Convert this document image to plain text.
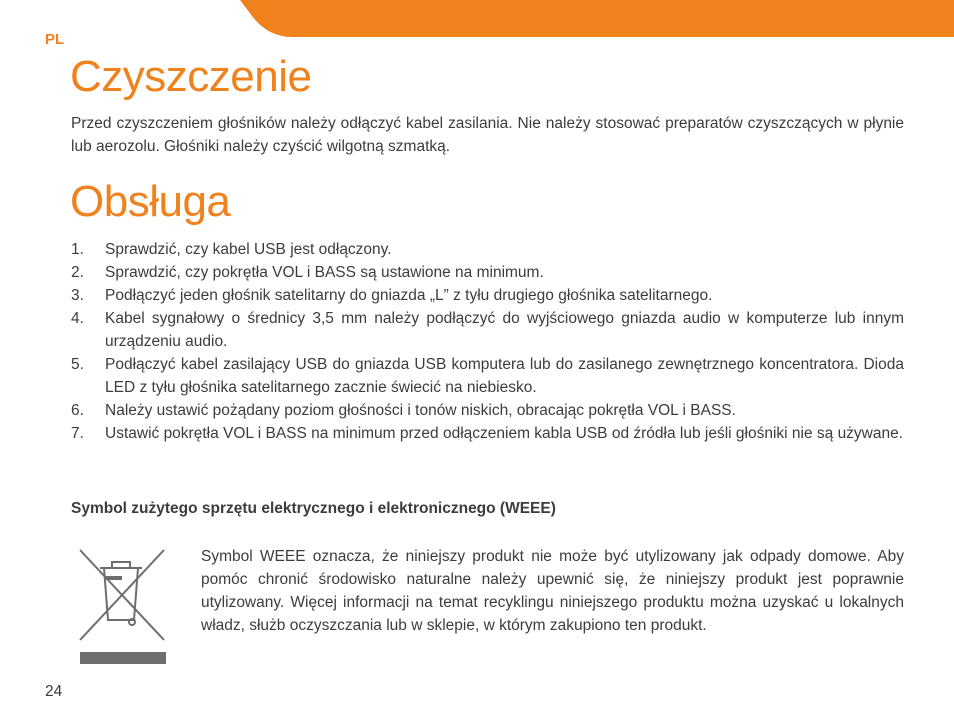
PL
Czyszczenie

Przed czyszczeniem głośników należy odłączyć kabel zasilania. Nie należy stosować preparatów czyszczących w płynie lub aerozolu. Głośniki należy czyścić wilgotną szmatką.

Obsługa
1. Sprawdzić, czy kabel USB jest odłączony.
2. Sprawdzić, czy pokrętła VOL i BASS są ustawione na minimum.
3. Podłączyć jeden głośnik satelitarny do gniazda „L” z tyłu drugiego głośnika satelitarnego.
4. Kabel sygnałowy o średnicy 3,5 mm należy podłączyć do wyjściowego gniazda audio w komputerze lub innym urządzeniu audio.
5. Podłączyć kabel zasilający USB do gniazda USB komputera lub do zasilanego zewnętrznego koncentratora. Dioda LED z tyłu głośnika satelitarnego zacznie świecić na niebiesko.
6. Należy ustawić pożądany poziom głośności i tonów niskich, obracając pokrętła VOL i BASS.
7. Ustawić pokrętła VOL i BASS na minimum przed odłączeniem kabla USB od źródła lub jeśli głośniki nie są używane.
Symbol zużytego sprzętu elektrycznego i elektronicznego (WEEE)

Symbol WEEE oznacza, że niniejszy produkt nie może być utylizowany jak odpady domowe. Aby pomóc chronić środowisko naturalne należy upewnić się, że niniejszy produkt jest poprawnie utylizowany. Więcej informacji na temat recyklingu niniejszego produktu można uzyskać u lokalnych władz, służb oczyszczania lub w sklepie, w którym zakupiono ten produkt.

24
